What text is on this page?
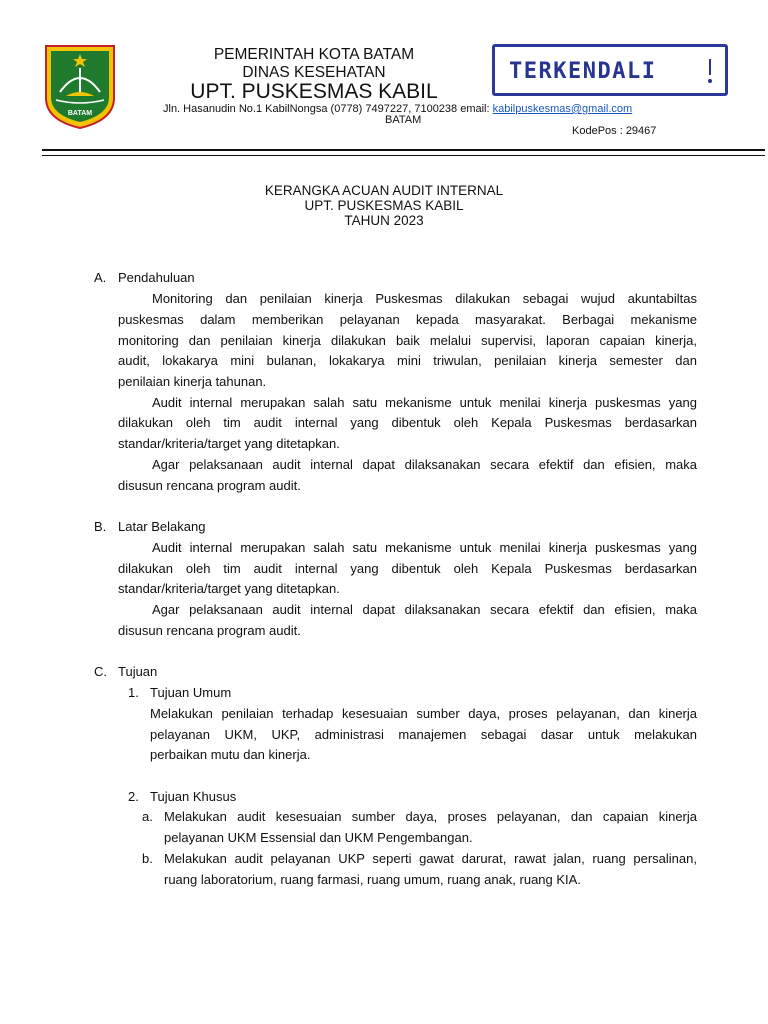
BATAM
PEMERINTAH KOTA BATAM
DINAS KESEHATAN
UPT. PUSKESMAS KABIL
TERKENDALI
Jln. Hasanudin No.1 KabilNongsa (0778) 7497227, 7100238 email: kabilpuskesmas@gmail.com
BATAM
KodePos : 29467
KERANGKA ACUAN AUDIT INTERNAL
UPT. PUSKESMAS KABIL
TAHUN 2023
A. Pendahuluan
Monitoring dan penilaian kinerja Puskesmas dilakukan sebagai wujud akuntabiltas
puskesmas dalam memberikan pelayanan kepada masyarakat. Berbagai mekanisme
monitoring dan penilaian kinerja dilakukan baik melalui supervisi, laporan capaian kinerja,
audit, lokakarya mini bulanan, lokakarya mini triwulan, penilaian kinerja semester dan
penilaian kinerja tahunan.
Audit internal merupakan salah satu mekanisme untuk menilai kinerja puskesmas yang
dilakukan oleh tim audit internal yang dibentuk oleh Kepala Puskesmas berdasarkan
standar/kriteria/target yang ditetapkan.
Agar pelaksanaan audit internal dapat dilaksanakan secara efektif dan efisien, maka
disusun rencana program audit.
B. Latar Belakang
Audit internal merupakan salah satu mekanisme untuk menilai kinerja puskesmas yang
dilakukan oleh tim audit internal yang dibentuk oleh Kepala Puskesmas berdasarkan
standar/kriteria/target yang ditetapkan.
Agar pelaksanaan audit internal dapat dilaksanakan secara efektif dan efisien, maka
disusun rencana program audit.
C. Tujuan
1. Tujuan Umum
Melakukan penilaian terhadap kesesuaian sumber daya, proses pelayanan, dan kinerja
pelayanan UKM, UKP, administrasi manajemen sebagai dasar untuk melakukan
perbaikan mutu dan kinerja.
2. Tujuan Khusus
a. Melakukan audit kesesuaian sumber daya, proses pelayanan, dan capaian kinerja
pelayanan UKM Essensial dan UKM Pengembangan.
b. Melakukan audit pelayanan UKP seperti gawat darurat, rawat jalan, ruang persalinan,
ruang laboratorium, ruang farmasi, ruang umum, ruang anak, ruang KIA.
